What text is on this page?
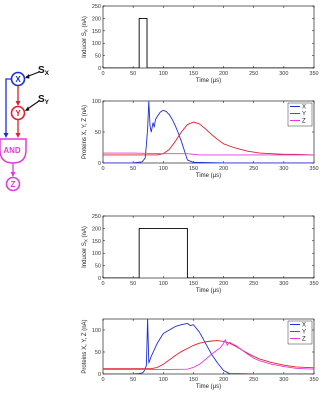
X
$S_X$
Y
$S_Y$
AND
Z
0	50	100	150	200	250	300	350
0
50
100
150
200
250
Time (µs)
Inducer $S_X$ (nA)
0	50	100	150	200	250	300	350
0
50
100
Time (µs)
Proteins X, Y, Z (nA)	X
Y
Z
0	50	100	150	200	250	300	350
0
50
100
150
200
250
Time (µs)
Inducer $S_X$ (nA)
0	50	100	150	200	250	300	350
0
50
100
Time (µs)
Proteins X, Y, Z (nA)	X
Y
Z
